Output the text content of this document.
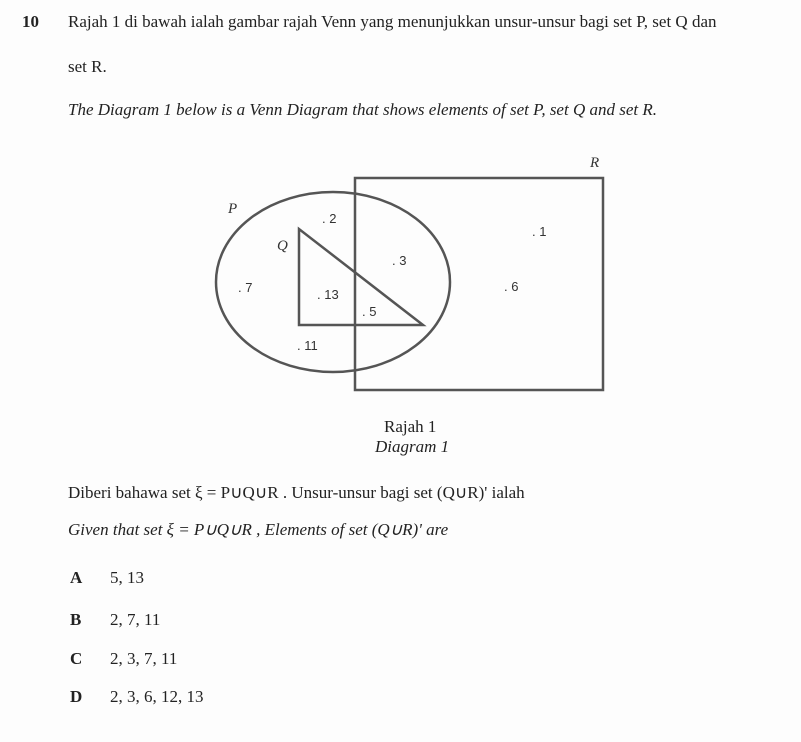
10 Rajah 1 di bawah ialah gambar rajah Venn yang menunjukkan unsur-unsur bagi set P, set Q dan
set R.
The Diagram 1 below is a Venn Diagram that shows elements of set P, set Q and set R.
P
Q
R
. 2
. 1
. 3
. 7	. 13
. 6
. 5
. 11
Rajah 1
Diagram 1
Diberi bahawa set ξ = P∪Q∪R . Unsur-unsur bagi set (Q∪R)' ialah
Given that set ξ = P∪Q∪R , Elements of set (Q∪R)' are
A 5, 13
B 2, 7, 11
C 2, 3, 7, 11
D 2, 3, 6, 12, 13
